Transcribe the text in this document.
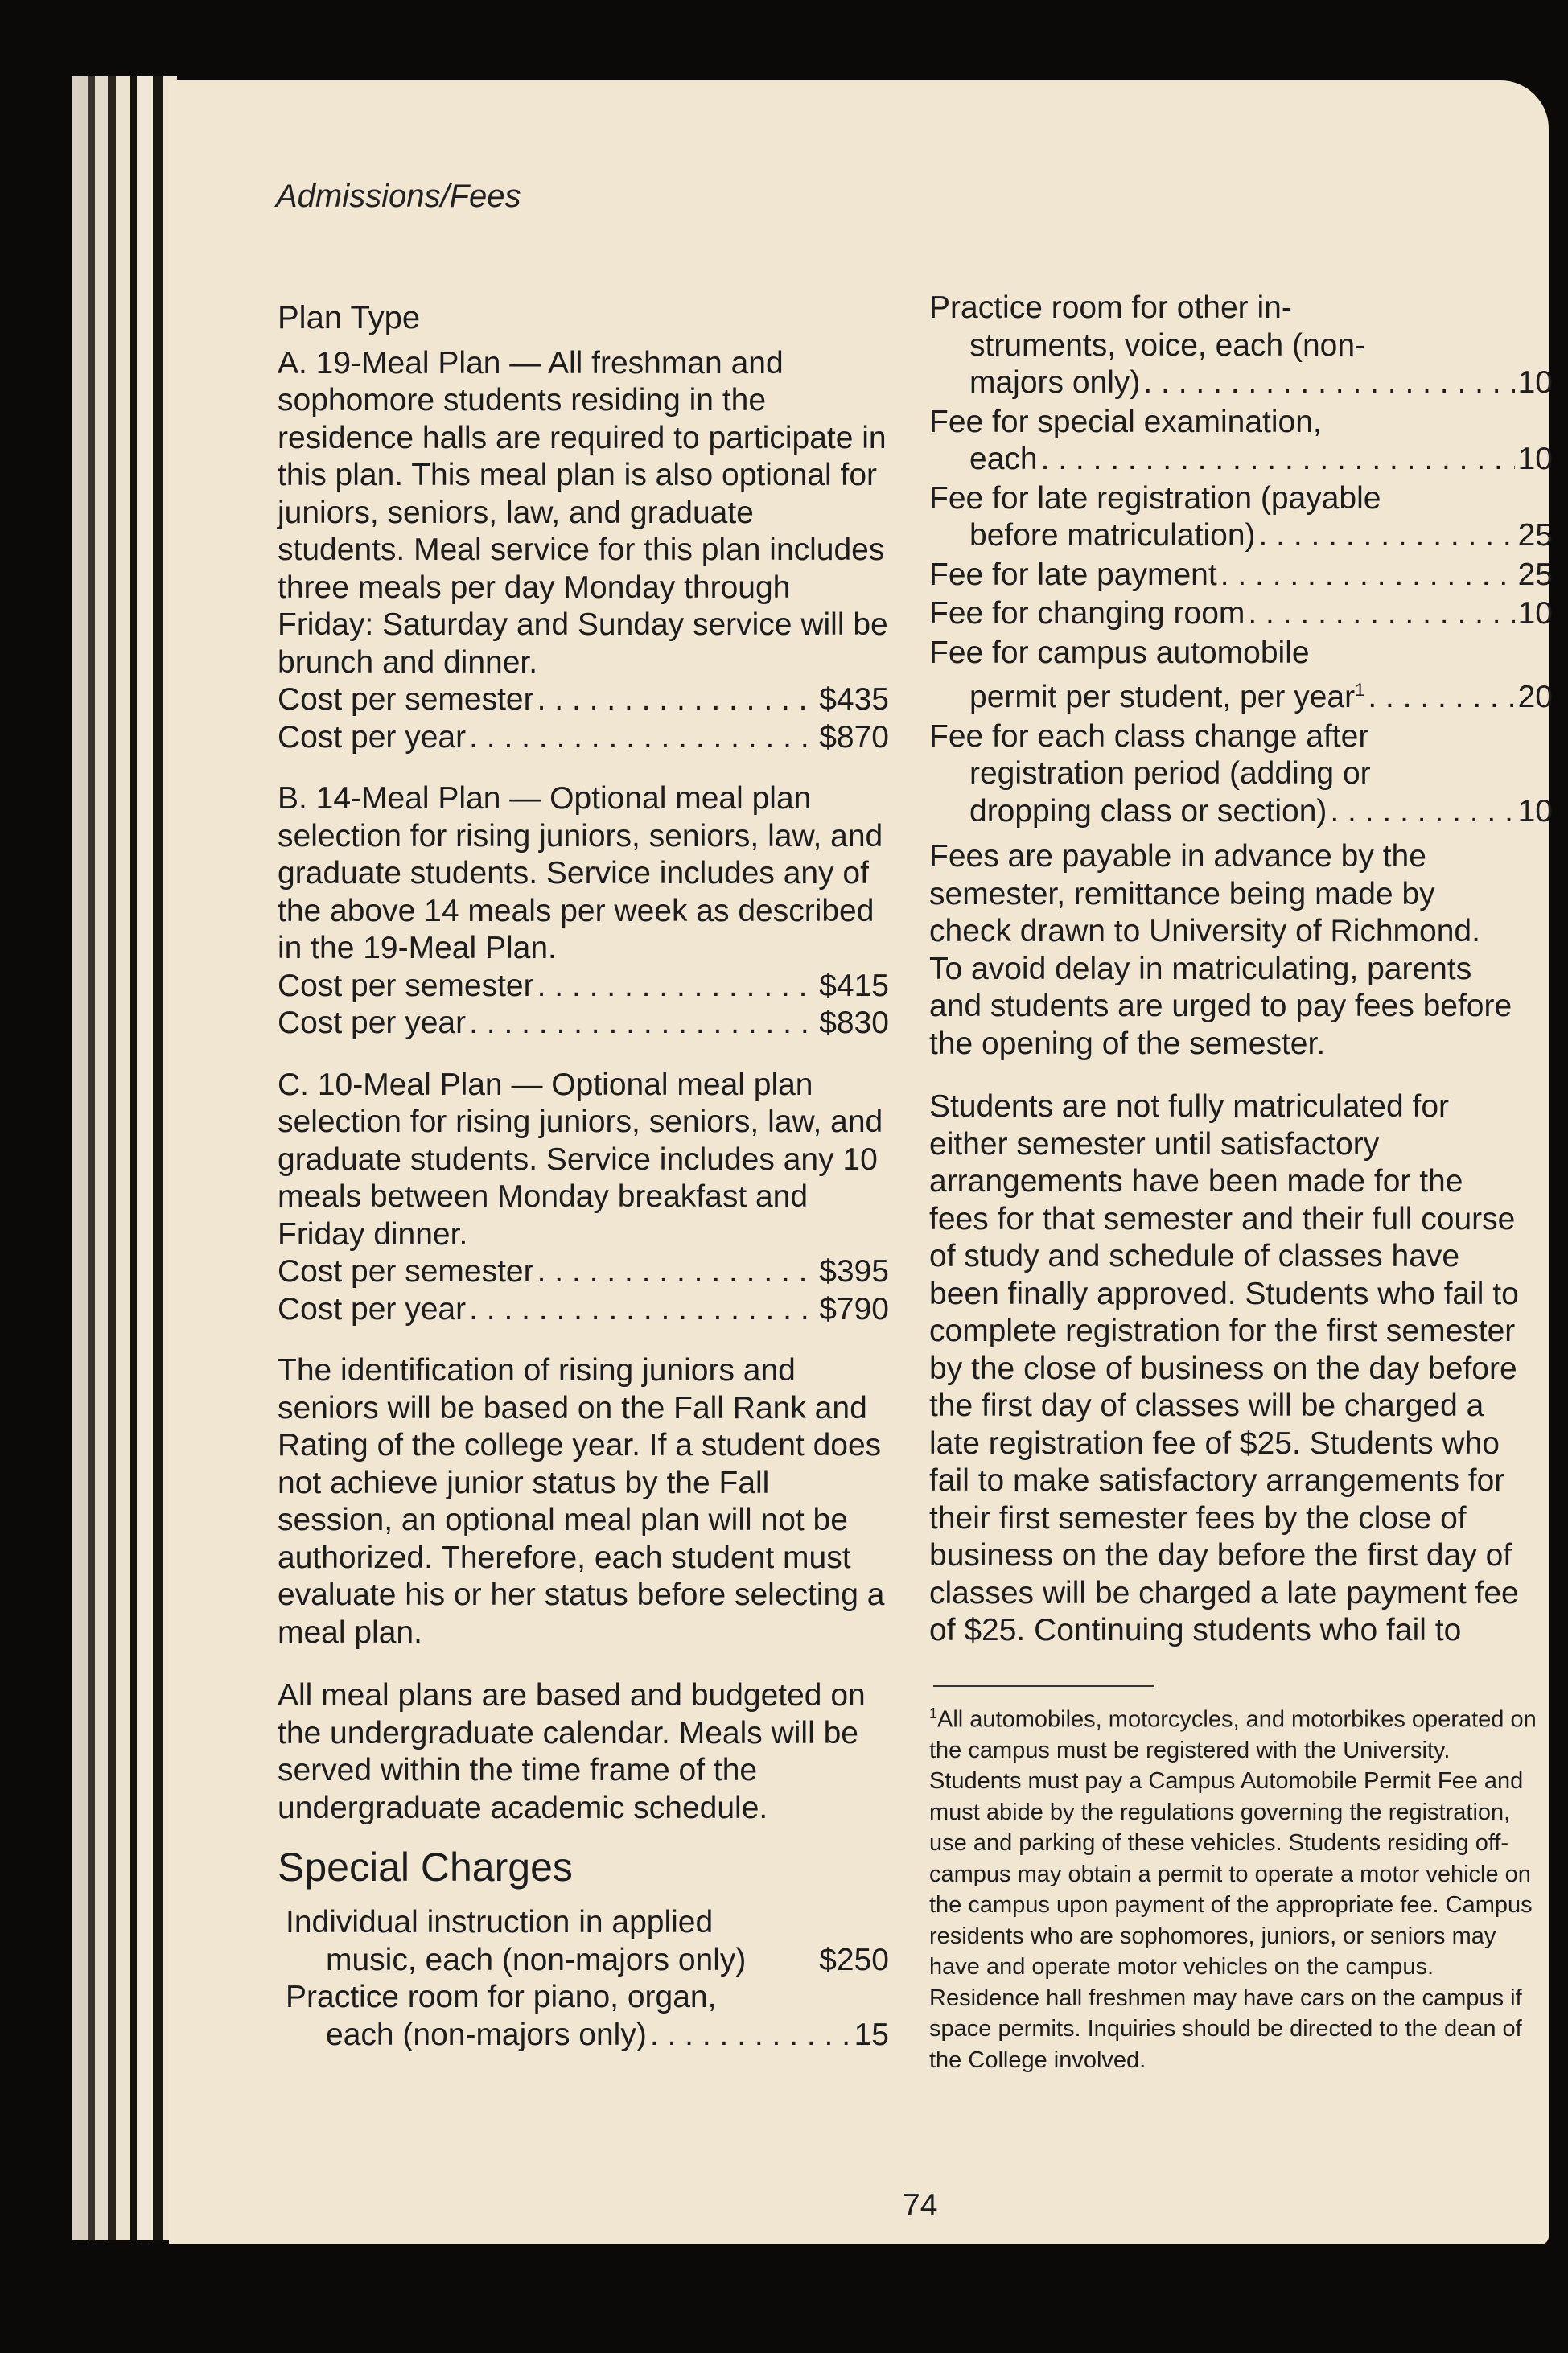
Admissions/Fees
Plan Type
A. 19-Meal Plan — All freshman and sophomore students residing in the residence halls are required to participate in this plan. This meal plan is also optional for juniors, seniors, law, and graduate students. Meal service for this plan includes three meals per day Monday through Friday: Saturday and Sunday service will be brunch and dinner.
Cost per semester . . .	$435
Cost per year . . .	$870
B. 14-Meal Plan — Optional meal plan selection for rising juniors, seniors, law, and graduate students. Service includes any of the above 14 meals per week as described in the 19-Meal Plan.
Cost per semester . . .	$415
Cost per year . . .	$830
C. 10-Meal Plan — Optional meal plan selection for rising juniors, seniors, law, and graduate students. Service includes any 10 meals between Monday breakfast and Friday dinner.
Cost per semester . . .	$395
Cost per year . . .	$790
The identification of rising juniors and seniors will be based on the Fall Rank and Rating of the college year. If a student does not achieve junior status by the Fall session, an optional meal plan will not be authorized. Therefore, each student must evaluate his or her status before selecting a meal plan.
All meal plans are based and budgeted on the undergraduate calendar. Meals will be served within the time frame of the undergraduate academic schedule.
Special Charges
Individual instruction in applied
music, each (non-majors only) $250
Practice room for piano, organ,
each (non-majors only) . . .	15
Practice room for other in-
struments, voice, each (non-
majors only) . . .	10
Fee for special examination,
each . . .	10
Fee for late registration (payable
before matriculation) . . .	25
Fee for late payment . . .	25
Fee for changing room . . .	10
Fee for campus automobile
permit per student, per year$^1$ . . .	20
Fee for each class change after
registration period (adding or
dropping class or section) . . .	10
Fees are payable in advance by the semester, remittance being made by check drawn to University of Richmond. To avoid delay in matriculating, parents and students are urged to pay fees before the opening of the semester.
Students are not fully matriculated for either semester until satisfactory arrangements have been made for the fees for that semester and their full course of study and schedule of classes have been finally approved. Students who fail to complete registration for the first semester by the close of business on the day before the first day of classes will be charged a late registration fee of $25. Students who fail to make satisfactory arrangements for their first semester fees by the close of business on the day before the first day of classes will be charged a late payment fee of $25. Continuing students who fail to
$^1$All automobiles, motorcycles, and motorbikes operated on the campus must be registered with the University. Students must pay a Campus Automobile Permit Fee and must abide by the regulations governing the registration, use and parking of these vehicles. Students residing off-campus may obtain a permit to operate a motor vehicle on the campus upon payment of the appropriate fee. Campus residents who are sophomores, juniors, or seniors may have and operate motor vehicles on the campus. Residence hall freshmen may have cars on the campus if space permits. Inquiries should be directed to the dean of the College involved.
74
